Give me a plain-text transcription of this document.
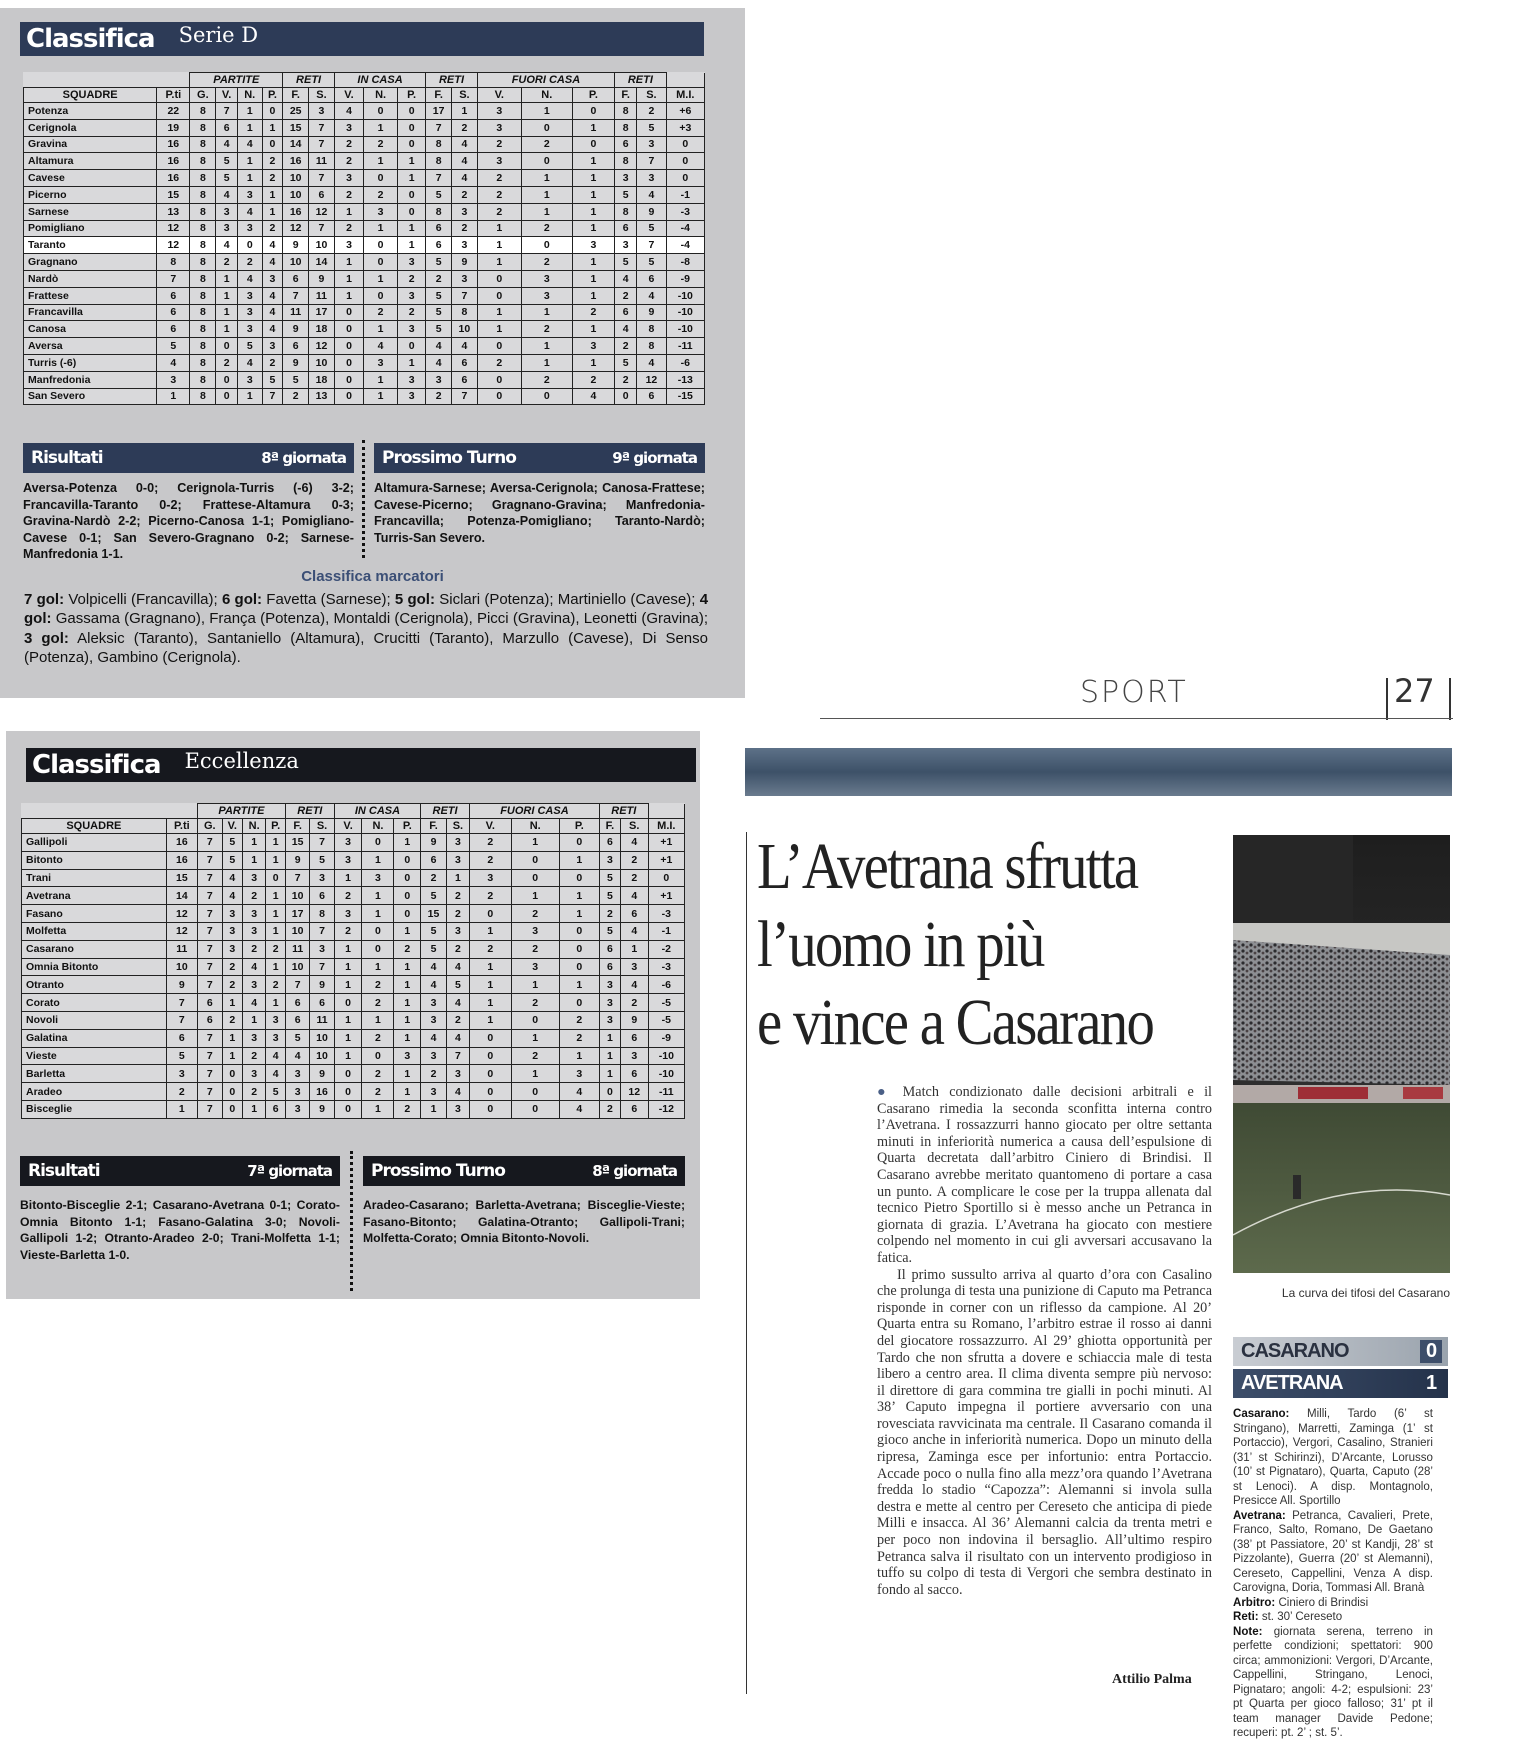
Classifica Serie D
		PARTITE				RETI		IN CASA			RETI		FUORI CASA			RETI		
SQUADRE	P.ti	G.	V.	N.	P.	F.	S.	V.	N.	P.	F.	S.	V.	N.	P.	F.	S.	M.I.
Potenza	22	8	7	1	0	25	3	4	0	0	17	1	3	1	0	8	2	+6
Cerignola	19	8	6	1	1	15	7	3	1	0	7	2	3	0	1	8	5	+3
Gravina	16	8	4	4	0	14	7	2	2	0	8	4	2	2	0	6	3	0
Altamura	16	8	5	1	2	16	11	2	1	1	8	4	3	0	1	8	7	0
Cavese	16	8	5	1	2	10	7	3	0	1	7	4	2	1	1	3	3	0
Picerno	15	8	4	3	1	10	6	2	2	0	5	2	2	1	1	5	4	-1
Sarnese	13	8	3	4	1	16	12	1	3	0	8	3	2	1	1	8	9	-3
Pomigliano	12	8	3	3	2	12	7	2	1	1	6	2	1	2	1	6	5	-4
Taranto	12	8	4	0	4	9	10	3	0	1	6	3	1	0	3	3	7	-4
Gragnano	8	8	2	2	4	10	14	1	0	3	5	9	1	2	1	5	5	-8
Nardò	7	8	1	4	3	6	9	1	1	2	2	3	0	3	1	4	6	-9
Frattese	6	8	1	3	4	7	11	1	0	3	5	7	0	3	1	2	4	-10
Francavilla	6	8	1	3	4	11	17	0	2	2	5	8	1	1	2	6	9	-10
Canosa	6	8	1	3	4	9	18	0	1	3	5	10	1	2	1	4	8	-10
Aversa	5	8	0	5	3	6	12	0	4	0	4	4	0	1	3	2	8	-11
Turris (-6)	4	8	2	4	2	9	10	0	3	1	4	6	2	1	1	5	4	-6
Manfredonia	3	8	0	3	5	5	18	0	1	3	3	6	0	2	2	2	12	-13
San Severo	1	8	0	1	7	2	13	0	1	3	2	7	0	0	4	0	6	-15
Risultati	8ª giornata Prossimo Turno	9ª giornata
Aversa-Potenza 0-0; Cerignola-Turris (-6) 3-2; Francavilla-Taranto 0-2; Frattese-Altamura 0-3; Gravina-Nardò 2-2; Picerno-Canosa 1-1; Pomigliano-Cavese 0-1; San Severo-Gragnano 0-2; Sarnese-Manfredonia 1-1.
Altamura-Sarnese; Aversa-Cerignola; Canosa-Frattese; Cavese-Picerno; Gragnano-Gravina; Manfredonia-Francavilla; Potenza-Pomigliano; Taranto-Nardò; Turris-San Severo.
Classifica marcatori
7 gol: Volpicelli (Francavilla); 6 gol: Favetta (Sarnese); 5 gol: Siclari (Potenza); Martiniello (Cavese); 4 gol: Gassama (Gragnano), França (Potenza), Montaldi (Cerignola), Picci (Gravina), Leonetti (Gravina); 3 gol: Aleksic (Taranto), Santaniello (Altamura), Crucitti (Taranto), Marzullo (Cavese), Di Senso (Potenza), Gambino (Cerignola).
Classifica Eccellenza
		PARTITE				RETI		IN CASA			RETI		FUORI CASA			RETI		
SQUADRE	P.ti	G.	V.	N.	P.	F.	S.	V.	N.	P.	F.	S.	V.	N.	P.	F.	S.	M.I.
Gallipoli	16	7	5	1	1	15	7	3	0	1	9	3	2	1	0	6	4	+1
Bitonto	16	7	5	1	1	9	5	3	1	0	6	3	2	0	1	3	2	+1
Trani	15	7	4	3	0	7	3	1	3	0	2	1	3	0	0	5	2	0
Avetrana	14	7	4	2	1	10	6	2	1	0	5	2	2	1	1	5	4	+1
Fasano	12	7	3	3	1	17	8	3	1	0	15	2	0	2	1	2	6	-3
Molfetta	12	7	3	3	1	10	7	2	0	1	5	3	1	3	0	5	4	-1
Casarano	11	7	3	2	2	11	3	1	0	2	5	2	2	2	0	6	1	-2
Omnia Bitonto	10	7	2	4	1	10	7	1	1	1	4	4	1	3	0	6	3	-3
Otranto	9	7	2	3	2	7	9	1	2	1	4	5	1	1	1	3	4	-6
Corato	7	6	1	4	1	6	6	0	2	1	3	4	1	2	0	3	2	-5
Novoli	7	6	2	1	3	6	11	1	1	1	3	2	1	0	2	3	9	-5
Galatina	6	7	1	3	3	5	10	1	2	1	4	4	0	1	2	1	6	-9
Vieste	5	7	1	2	4	4	10	1	0	3	3	7	0	2	1	1	3	-10
Barletta	3	7	0	3	4	3	9	0	2	1	2	3	0	1	3	1	6	-10
Aradeo	2	7	0	2	5	3	16	0	2	1	3	4	0	0	4	0	12	-11
Bisceglie	1	7	0	1	6	3	9	0	1	2	1	3	0	0	4	2	6	-12
Risultati	7ª giornata Prossimo Turno	8ª giornata
Bitonto-Bisceglie 2-1; Casarano-Avetrana 0-1; Corato-Omnia Bitonto 1-1; Fasano-Galatina 3-0; Novoli-Gallipoli 1-2; Otranto-Aradeo 2-0; Trani-Molfetta 1-1; Vieste-Barletta 1-0.
Aradeo-Casarano; Barletta-Avetrana; Bisceglie-Vieste; Fasano-Bitonto; Galatina-Otranto; Gallipoli-Trani; Molfetta-Corato; Omnia Bitonto-Novoli.
SPORT	27
L’Avetrana sfrutta
l’uomo in più
e vince a Casarano

● Match condizionato dalle decisioni arbitrali e il Casarano rimedia la seconda sconfitta interna contro l’Avetrana. I rossazzurri hanno giocato per oltre settanta minuti in inferiorità numerica a causa dell’espulsione di Quarta decretata dall’arbitro Ciniero di Brindisi. Il Casarano avrebbe meritato quantomeno di portare a casa un punto. A complicare le cose per la truppa allenata dal tecnico Pietro Sportillo si è messo anche un Petranca in giornata di grazia. L’Avetrana ha giocato con mestiere colpendo nel momento in cui gli avversari accusavano la fatica.

Il primo sussulto arriva al quarto d’ora con Casalino che prolunga di testa una punizione di Caputo ma Petranca risponde in corner con un riflesso da campione. Al 20’ Quarta entra su Romano, l’arbitro estrae il rosso ai danni del giocatore rossazzurro. Al 29’ ghiotta opportunità per Tardo che non sfrutta a dovere e schiaccia male di testa libero a centro area. Il clima diventa sempre più nervoso: il direttore di gara commina tre gialli in pochi minuti. Al 38’ Caputo impegna il portiere avversario con una rovesciata ravvicinata ma centrale. Il Casarano comanda il gioco anche in inferiorità numerica. Dopo un minuto della ripresa, Zaminga esce per infortunio: entra Portaccio. Accade poco o nulla fino alla mezz’ora quando l’Avetrana fredda lo stadio “Capozza”: Alemanni si invola sulla destra e mette al centro per Cereseto che anticipa di piede Milli e insacca. Al 36’ Alemanni calcia da trenta metri e per poco non indovina il bersaglio. All’ultimo respiro Petranca salva il risultato con un intervento prodigioso in tuffo su colpo di testa di Vergori che sembra destinato in fondo al sacco.

Attilio Palma
La curva dei tifosi del Casarano
CASARANO	0
AVETRANA	1

Casarano: Milli, Tardo (6’ st Stringano), Marretti, Zaminga (1’ st Portaccio), Vergori, Casalino, Stranieri (31’ st Schirinzi), D’Arcante, Lorusso (10’ st Pignataro), Quarta, Caputo (28’ st Lenoci). A disp. Montagnolo, Presicce All. Sportillo

Avetrana: Petranca, Cavalieri, Prete, Franco, Salto, Romano, De Gaetano (38’ pt Passiatore, 20’ st Kandji, 28’ st Pizzolante), Guerra (20’ st Alemanni), Cereseto, Cappellini, Venza A disp. Carovigna, Doria, Tommasi All. Branà

Arbitro: Ciniero di Brindisi

Reti: st. 30’ Cereseto

Note: giornata serena, terreno in perfette condizioni; spettatori: 900 circa; ammonizioni: Vergori, D’Arcante, Cappellini, Stringano, Lenoci, Pignataro; angoli: 4-2; espulsioni: 23’ pt Quarta per gioco falloso; 31’ pt il team manager Davide Pedone; recuperi: pt. 2’ ; st. 5’.
